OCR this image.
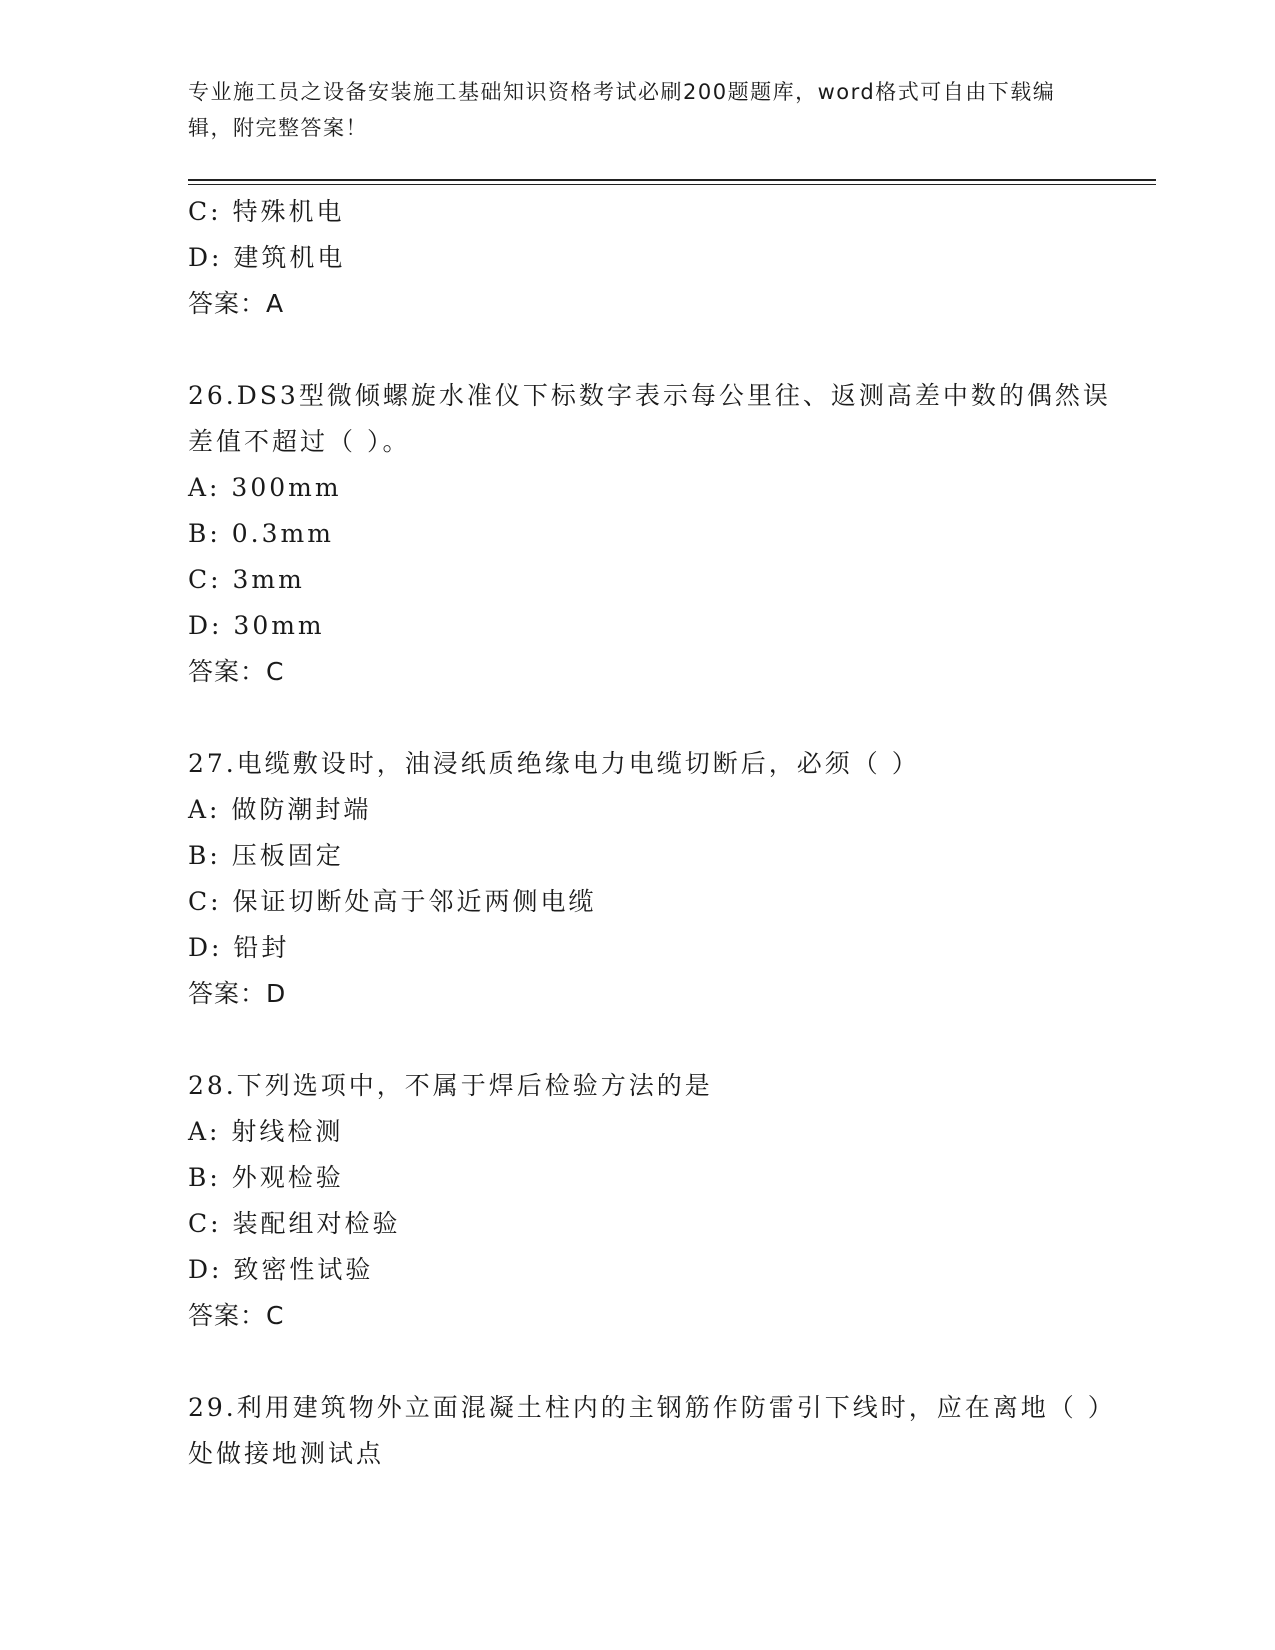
专业施工员之设备安装施工基础知识资格考试必刷200题题库，word格式可自由下载编辑，附完整答案！
C: 特殊机电
D: 建筑机电
答案：A
26.DS3型微倾螺旋水准仪下标数字表示每公里往、返测高差中数的偶然误差值不超过（ ）。
A: 300mm
B: 0.3mm
C: 3mm
D: 30mm
答案：C
27.电缆敷设时，油浸纸质绝缘电力电缆切断后，必须（ ）
A: 做防潮封端
B: 压板固定
C: 保证切断处高于邻近两侧电缆
D: 铅封
答案：D
28.下列选项中，不属于焊后检验方法的是
A: 射线检测
B: 外观检验
C: 装配组对检验
D: 致密性试验
答案：C
29.利用建筑物外立面混凝土柱内的主钢筋作防雷引下线时，应在离地（ ）处做接地测试点
